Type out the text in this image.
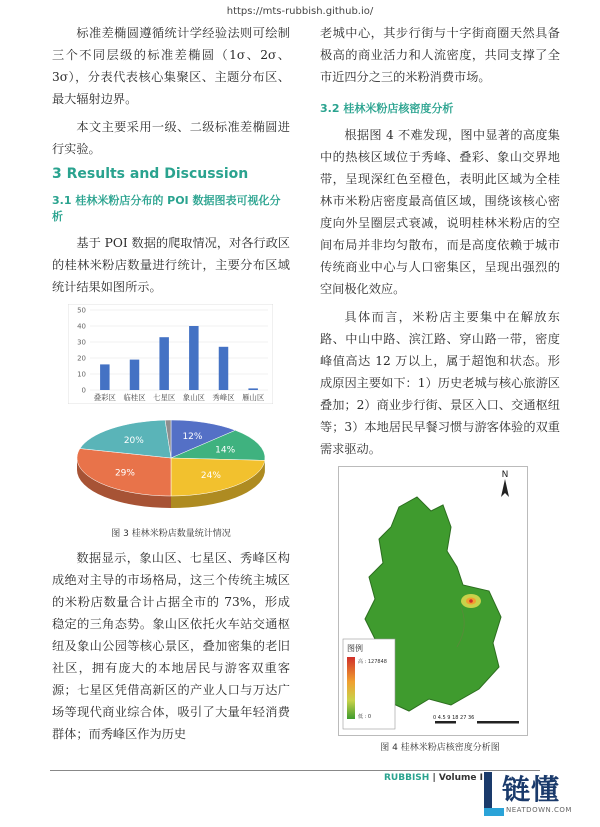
https://mts-rubbish.github.io/

标准差椭圆遵循统计学经验法则可绘制三个不同层级的标准差椭圆（1σ、2σ、3σ），分表代表核心集聚区、主题分布区、最大辐射边界。

本文主要采用一级、二级标准差椭圆进行实验。

3 Results and Discussion
3.1 桂林米粉店分布的 POI 数据图表可视化分析

基于 POI 数据的爬取情况，对各行政区的桂林米粉店数量进行统计，主要分布区域统计结果如图所示。

0
10
20
30
40
50
叠彩区 临桂区 七星区 象山区 秀峰区 雁山区
12%
14%
24%
29%
20%
图 3 桂林米粉店数量统计情况

数据显示，象山区、七星区、秀峰区构成绝对主导的市场格局，这三个传统主城区的米粉店数量合计占据全市的 73%，形成稳定的三角态势。象山区依托火车站交通枢纽及象山公园等核心景区，叠加密集的老旧社区，拥有庞大的本地居民与游客双重客源；七星区凭借高新区的产业人口与万达广场等现代商业综合体，吸引了大量年轻消费群体；而秀峰区作为历史

老城中心，其步行街与十字街商圈天然具备极高的商业活力和人流密度，共同支撑了全市近四分之三的米粉消费市场。

3.2 桂林米粉店核密度分析

根据图 4 不难发现，图中显著的高度集中的热核区域位于秀峰、叠彩、象山交界地带，呈现深红色至橙色，表明此区域为全桂林市米粉店密度最高值区域，围绕该核心密度向外呈圈层式衰减，说明桂林米粉店的空间布局并非均匀散布，而是高度依赖于城市传统商业中心与人口密集区，呈现出强烈的空间极化效应。

具体而言，米粉店主要集中在解放东路、中山中路、滨江路、穿山路一带，密度峰值高达 12 万以上，属于超饱和状态。形成原因主要如下：1）历史老城与核心旅游区叠加；2）商业步行街、景区入口、交通枢纽等；3）本地居民早餐习惯与游客体验的双重需求驱动。

N
图例
高 : 127848
低 : 0	0 4.5 9 18 27 36
图 4 桂林米粉店核密度分析图
RUBBISH | Volume I 链懂
NEATDOWN.COM
